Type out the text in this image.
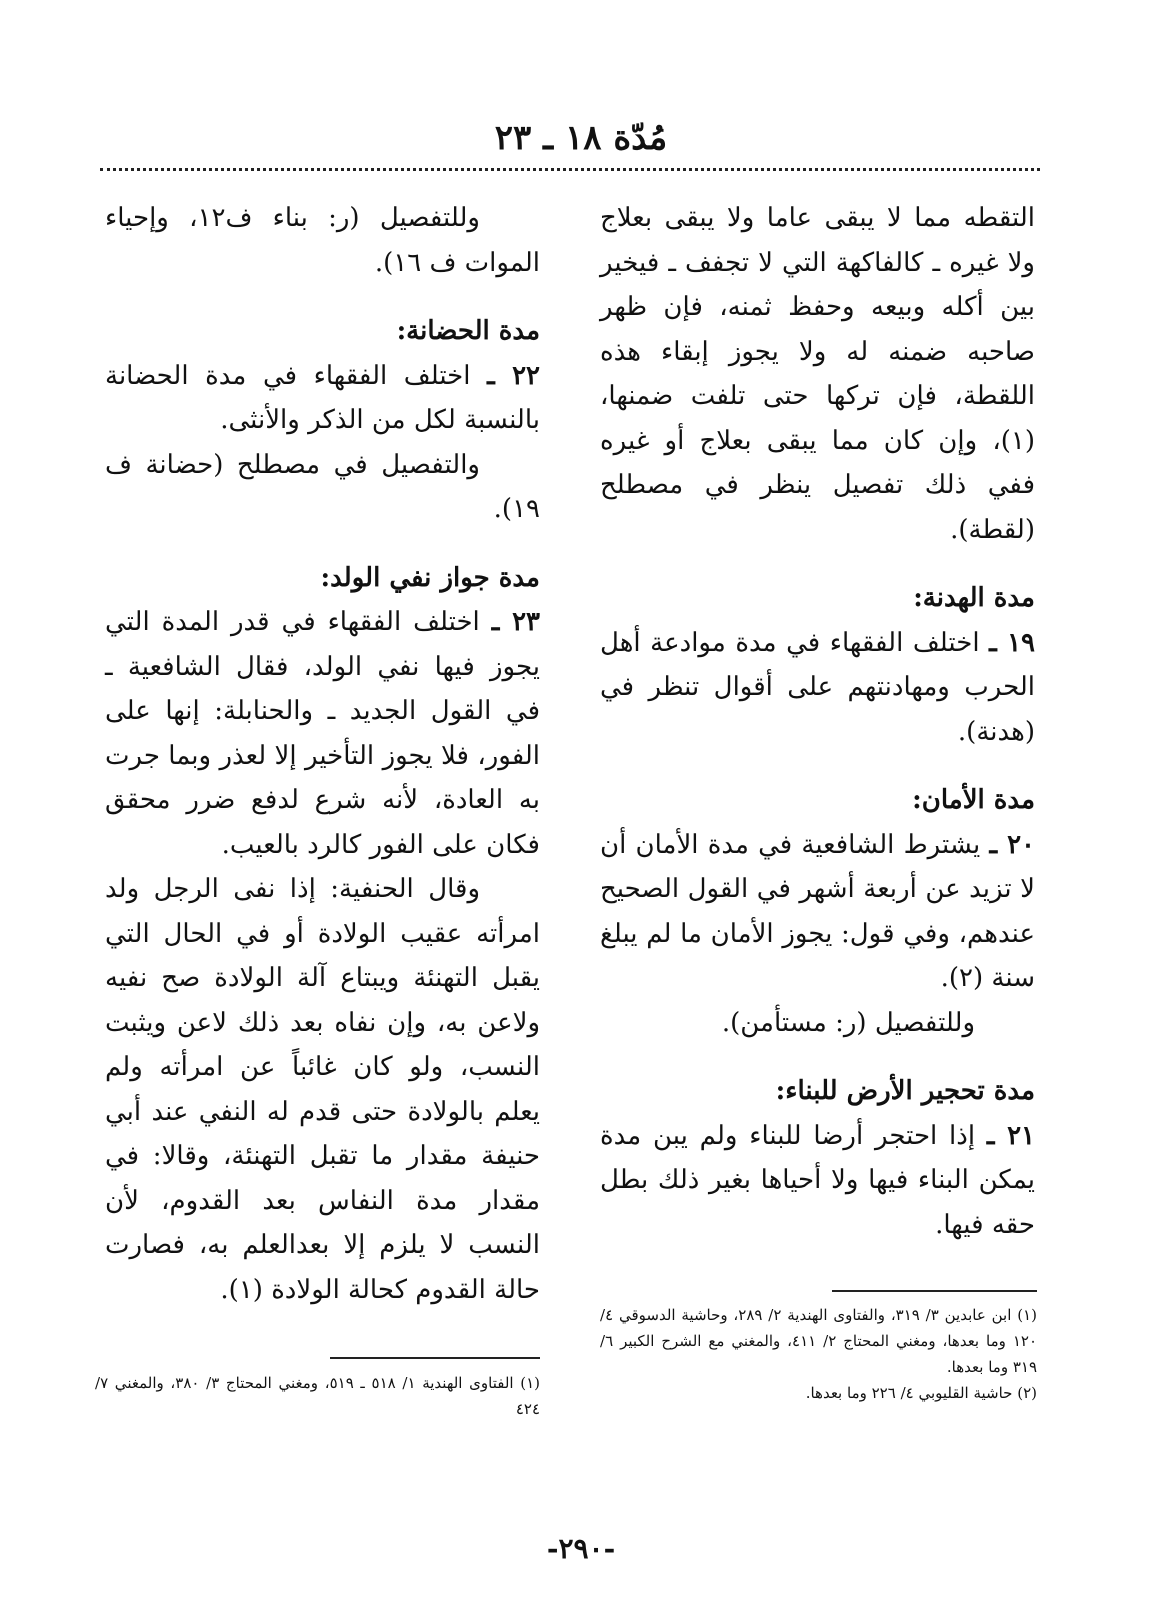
مُدّة ١٨ ـ ٢٣

التقطه مما لا يبقى عاما ولا يبقى بعلاج ولا غيره ـ كالفاكهة التي لا تجفف ـ فيخير بين أكله وبيعه وحفظ ثمنه، فإن ظهر صاحبه ضمنه له ولا يجوز إبقاء هذه اللقطة، فإن تركها حتى تلفت ضمنها، (١)، وإن كان مما يبقى بعلاج أو غيره ففي ذلك تفصيل ينظر في مصطلح (لقطة).

مدة الهدنة:

١٩ ـ اختلف الفقهاء في مدة موادعة أهل الحرب ومهادنتهم على أقوال تنظر في (هدنة).

مدة الأمان:

٢٠ ـ يشترط الشافعية في مدة الأمان أن لا تزيد عن أربعة أشهر في القول الصحيح عندهم، وفي قول: يجوز الأمان ما لم يبلغ سنة (٢).

وللتفصيل (ر: مستأمن).

مدة تحجير الأرض للبناء:

٢١ ـ إذا احتجر أرضا للبناء ولم يبن مدة يمكن البناء فيها ولا أحياها بغير ذلك بطل حقه فيها.

وللتفصيل (ر: بناء ف١٢، وإحياء الموات ف ١٦).

مدة الحضانة:

٢٢ ـ اختلف الفقهاء في مدة الحضانة بالنسبة لكل من الذكر والأنثى.

والتفصيل في مصطلح (حضانة ف ١٩).

مدة جواز نفي الولد:

٢٣ ـ اختلف الفقهاء في قدر المدة التي يجوز فيها نفي الولد، فقال الشافعية ـ في القول الجديد ـ والحنابلة: إنها على الفور، فلا يجوز التأخير إلا لعذر وبما جرت به العادة، لأنه شرع لدفع ضرر محقق فكان على الفور كالرد بالعيب.

وقال الحنفية: إذا نفى الرجل ولد امرأته عقيب الولادة أو في الحال التي يقبل التهنئة ويبتاع آلة الولادة صح نفيه ولاعن به، وإن نفاه بعد ذلك لاعن ويثبت النسب، ولو كان غائباً عن امرأته ولم يعلم بالولادة حتى قدم له النفي عند أبي حنيفة مقدار ما تقبل التهنئة، وقالا: في مقدار مدة النفاس بعد القدوم، لأن النسب لا يلزم إلا بعدالعلم به، فصارت حالة القدوم كحالة الولادة (١).

(١) ابن عابدين ٣/ ٣١٩، والفتاوى الهندية ٢/ ٢٨٩، وحاشية الدسوقي ٤/ ١٢٠ وما بعدها، ومغني المحتاج ٢/ ٤١١، والمغني مع الشرح الكبير ٦/ ٣١٩ وما بعدها.

(٢) حاشية القليوبي ٤/ ٢٢٦ وما بعدها.

(١) الفتاوى الهندية ١/ ٥١٨ ـ ٥١٩، ومغني المحتاج ٣/ ٣٨٠، والمغني ٧/ ٤٢٤

-٢٩٠-
